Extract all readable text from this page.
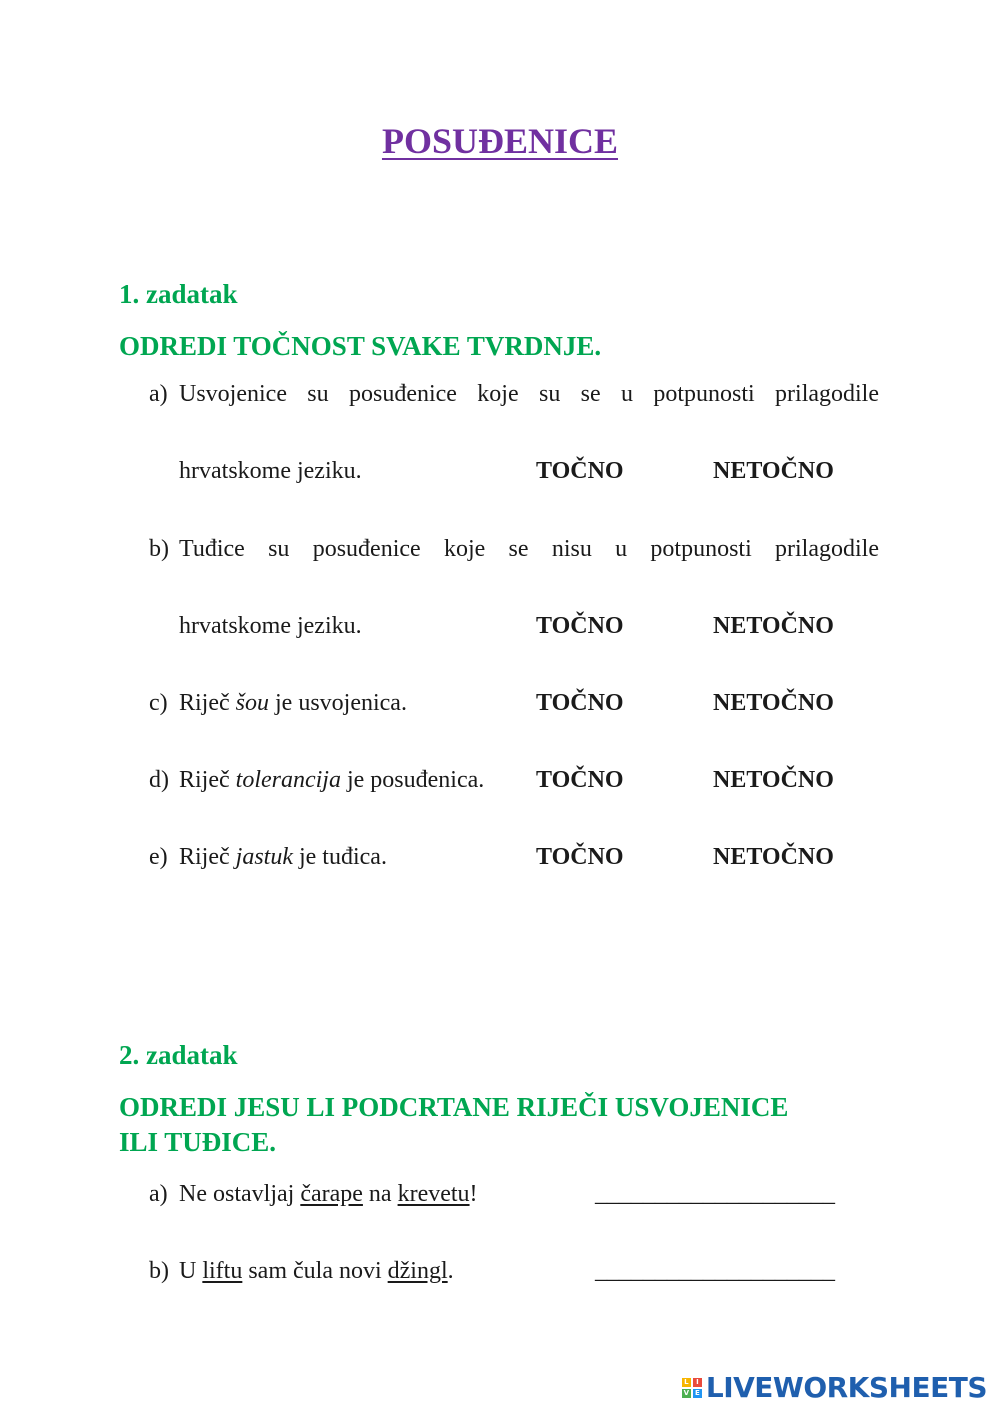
POSUĐENICE
1. zadatak
ODREDI TOČNOST SVAKE TVRDNJE.
a) Usvojenice su posuđenice koje su se u potpunosti prilagodile
hrvatskome jeziku.	TOČNO	NETOČNO
b) Tuđice su posuđenice koje se nisu u potpunosti prilagodile
hrvatskome jeziku.	TOČNO	NETOČNO
c) Riječ šou je usvojenica.	TOČNO	NETOČNO
d) Riječ tolerancija je posuđenica. TOČNO	NETOČNO
e) Riječ jastuk je tuđica.	TOČNO	NETOČNO
2. zadatak
ODREDI JESU LI PODCRTANE RIJEČI USVOJENICE
ILI TUĐICE.
a) Ne ostavljaj čarape na krevetu!	____________________
b) U liftu sam čula novi džingl.	____________________
L	I
V E LIVEWORKSHEETS
